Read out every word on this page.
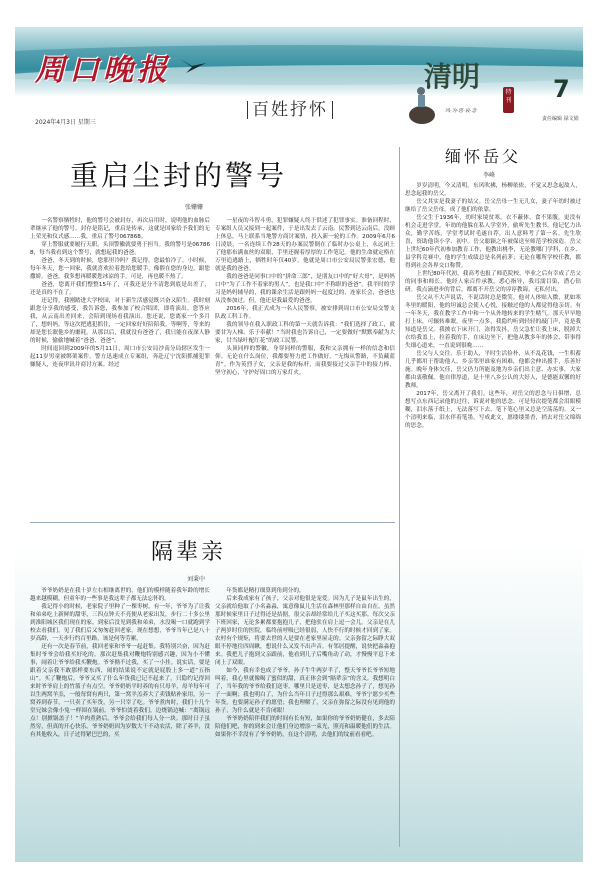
周口晚报
2024年4月3日 星期三
百姓抒怀
清明	特刊
风·为·思·哀·念
7
责任编辑 禄文娟
重启尘封的警号
张姗姗

一名警察牺牲时，他的警号会被封存，再次启用时，说明他的血脉后辈继承了他的警号。封存是铭记，重启是传承，这就是国家给予我们的无上荣光和仪式感……我，重启了警号067868。

穿上警服就要履行天职，头顶警徽就要勇于担当。我的警号是067868，每当我看到这个警号，就想起我的爸爸。

爸爸，冬天到的时候，您那里冷吗？我记得，您最怕冷了。小时候，每年冬天，您一回家，我就喜欢拉着您给您暖手，像偎在您的身边，跟您撒娇。爸爸，我多想再暖暖您冰凉的手，可是，再也暖不热了。

爸爸，您离开我们整整15年了，可我还是分不清您到底是出差了，还是真的不在了。

还记得，我刚踏进大学校园，对于新生活感觉既兴奋又陌生。我时刻跟您分享我的感受，我告诉您，我参加了校合唱团，即将演出。您答应我，从云南出差回来，会陪到现场看我演出。您还说，您离家一个多月了，想妈妈，等这次把逃犯抓住，一定回家好好陪陪我。等啊等，等来的却是您长眠他乡的噩耗。从那以后，我就没有爸爸了，我只能在夜深人静的时候，偷偷地喊着“爸爸、爸爸”。

时间退回到2009年的5月11日，周口市公安局沙南分局辖区发生一起11岁男童被绑架案件，警方迅速成立专案组，奔赴辽宁沈阳抓捕犯罪嫌疑人，连夜审讯并商讨方案。经过

一星夜的斗智斗勇，犯罪嫌疑人终于供述了犯罪事实。准备回程时，专案组人员又接到一起案件，于是出发去了云南。民警到达云南后，没顾上休息，马上联系当地警方商讨案情，投入新一轮的工作。2009年6月6日凌晨，一名连续工作28天的办案民警倒在了临时办公桌上，永远闭上了他那布满血丝的双眼，手里还握着厚厚的工作笔记。他的生命就定格在万里追逃路上，牺牲时年仅40岁。他就是周口市公安局民警张宏德，他就是我的爸爸。

我的爸爸是同事口中的“拼命三郎”，是朋友口中的“好大哥”，是妈妈口中“为了工作不着家的男人”，也是我口中“不称职的爸爸”。我平时的学习是妈妈辅导的，我的课余生活是跟妈妈一起度过的，连家长会，爸爸也从没参加过。但，他还是我最爱的爸爸。

2016年，我正式成为一名人民警察，被安排到周口市公安局交警支队政工科工作。

我的领导在我入职政工科的第一天就告诉我：“我们选择了政工，就要甘为人梯、乐于奉献！”当时我也告诉自己，一定要做好“默默奉献为大家，甘当绿叶配红花”的政工民警。

头顶同样的警徽，身穿同样的警服，我和父亲拥有一样的信念和信仰。无论在什么岗位，我都要努力把工作做好。“无悔从警路，不负藏蓝青”。作为英烈子女，父亲是我的标杆，而我要接过父亲手中的接力棒，坚守初心，守护好周口的万家灯火。

隔辈亲
刘秉中

爷爷奶奶是在我十岁左右相继离世的，他们的模样随着我年龄的增长越来越模糊，但童年的一些事是我这辈子都无法忘怀的。

我记得小的时候，老家院子里种了一棵枣树，有一年，爷爷为了让我和弟弟吃上新鲜的甜枣，三四点钟天不亮便从老家出发，步行二十多公里到淮阳城区我们现在的家。到家后没见到我和弟弟，水没喝一口就跑到学校去看我们，见了我们后又匆匆赶回老家。现在想想，爷爷当年已是八十岁高龄，一天步行约百里路，该是何等劳累。

还有一次是春节前，我回老家和爷爷一起赶集。我特别兴奋，因为赶集时爷爷会给我买好吃的。那次赶集我对鞭炮特别感兴趣，因为小不懂事，闹着让爷爷给我买鞭炮。爷爷拗不过我，买了一小挂。说实话，要是跟着父亲我不敢那样要东西，闹的结果说不定就是屁股上多一道“五指山”。买了鞭炮后，爷爷又买了什么年货我已记不起来了，只隐约记得回来时爷爷肩上的竹篮子有点空。爷爷奶奶平时养的有只母羊，母羊每年可以生两窝羊羔，一般每窝有两只，第一窝羊羔养大了卖钱贴补家用，另一窝养到春节，一只卖了买年货，另一只宰了吃。爷爷煮肉时，我们十几个堂兄妹会像小兔一样围在锅前。爷爷怕烫着我们，边烧锅边喊：“离锅远点！别掀锅盖子！”羊肉煮熟后，爷爷会给我们每人分一块。那时日子虽然穷，但真的开心快乐。爷爷奶奶因为岁数大干不动农活，除了养羊，没有其他收入，日子过得紧巴巴的，买

年货都是精打细算到角到分的。

后来我成家有了孩子，父亲对他很是宠爱。因为儿子是鼠年出生的，父亲就给他取了小名淼淼，寓意像鼠儿生活在森林里那样自由自在。虽然那时候家里日子过得还是拮据，很父亲却经常给儿子买这买那。每次父亲下班回家，无论多累都要抱抱儿子，把他驮在肩上逗一会儿。父亲是在儿子两岁时住的医院，临终前呼吸已经很弱，人快不行的时候才回到了家。农村有个规矩，将要去世的人是要在老家里屋走的。父亲弥留之际睁大双眼不停地往四周瞅，想说什么又发不出声音。有邻居提醒，说快把淼淼抱来。我把儿子抱到父亲跟前，他看到儿子后嘴角动了动，才慢慢平息下来闭上了双眼。

如今，我有幸也成了爷爷，孙子牛牛两岁半了，整天爷爷长爷爷短地叫着，我心里就像喝了蜜似的甜，真正体会到“隔辈亲”的含义。我想明白了，当年我的爷爷给我们送枣，哪里只是送枣，是太想念孙子了，想见孙子一面啊；我也明白了，为什么当年日子过得那么艰难，爷爷宁愿少买些年货，也要满足孙子的愿望；我也理解了，父亲在弥留之际没有见到他的孙子，为什么就是不肯闭眼！

爷爷奶奶陪伴我们的时间有长有短，如果你的爷爷奶奶健在，多去陪陪他们吧，你的到来会让他们身边增添一束光，照亮和温暖他们的生活。如果你不幸没有了爷爷奶奶，在这个清明，去他们的坟前看看吧。

缅怀岳父
李峰

岁岁清明，今又清明。东风吹拂，杨柳依依，不觉又思念起故人，思念起我的岳父。

岳父其实是我妻子的姑父。岳父岳母一生无儿女，妻子年幼时被过继给了岳父岳母，成了他们的依靠。

岳父生于1936年，幼时家境贫寒，衣不蔽体，食不果腹，更没有机会走进学堂。年幼的他躲在私人学堂外，偷听先生教书。他记忆力出众，勤学苦练，学堂考试时毛遂自荐，出人意料考了第一名。先生欣喜，资助他读小学、初中。岳父聪颖之年被保送至师范学校深造。岳父上世纪60年代初参加教育工作，他教出桃李，无论教哪门学科，在乡、县学科竞赛中，他的学生成绩总是名列前茅；无论在哪所学校任教，都得到社会各界交口称赞。

上世纪80年代初，我高考也报了师范院校，毕业之后有幸成了岳父的同事和师长。他经人家百件承教，悉心指导，我耳濡目染，潜心钻研。我点滴进步的背后，都离不开岳父的谆谆教诲，无私付出。

岳父从不大声说话，不说话时总是微笑。他对人体贴入微，犹如寒冬里的暖阳，他的坦诚总会使人心悦，接触过他的人都觉得他亲切。有一年冬天，我在教学工作中和一个从外地转来的学生赌气，那天早早地打上床，可辗转难眠。夜里一点多，我隐约听到轻轻的敲门声，竟是我知道是岳父。我披衣下床开门，冻得发抖，岳父急忙让我上床，脱掉大衣给我盖上，拉着我的手，在床边坐下，把他从教多年的体会、带事得失细心道来，一直说到很晚……

岳父与人交往，乐于助人，平时生活俭朴，从不乱花钱，一生积蓄几乎都用于帮助他人。乡亲邻里谁家有困难，他都会伸出援手，乐善好施。晚年身体欠佳，岳父仍力所能及地为乡亲们出主意、办实事，大家都由衷敬佩。他自律厚道，是十里八乡公认的大好人，是德能双馨的好教师。

2017年，岳父离开了我们。这些年，对岳父的思念与日俱增，总想写点东西记录他的过往，诉说对他的思念。可是每次提笔都会泪眼模糊，泪水落于纸上，无法落写下去，笔下笔心里又总是空荡荡的。又一个清明来临，泪水伴着笔墨，写成此文，愿缕缕墨香，捎去对岳父绵绵的思念。
